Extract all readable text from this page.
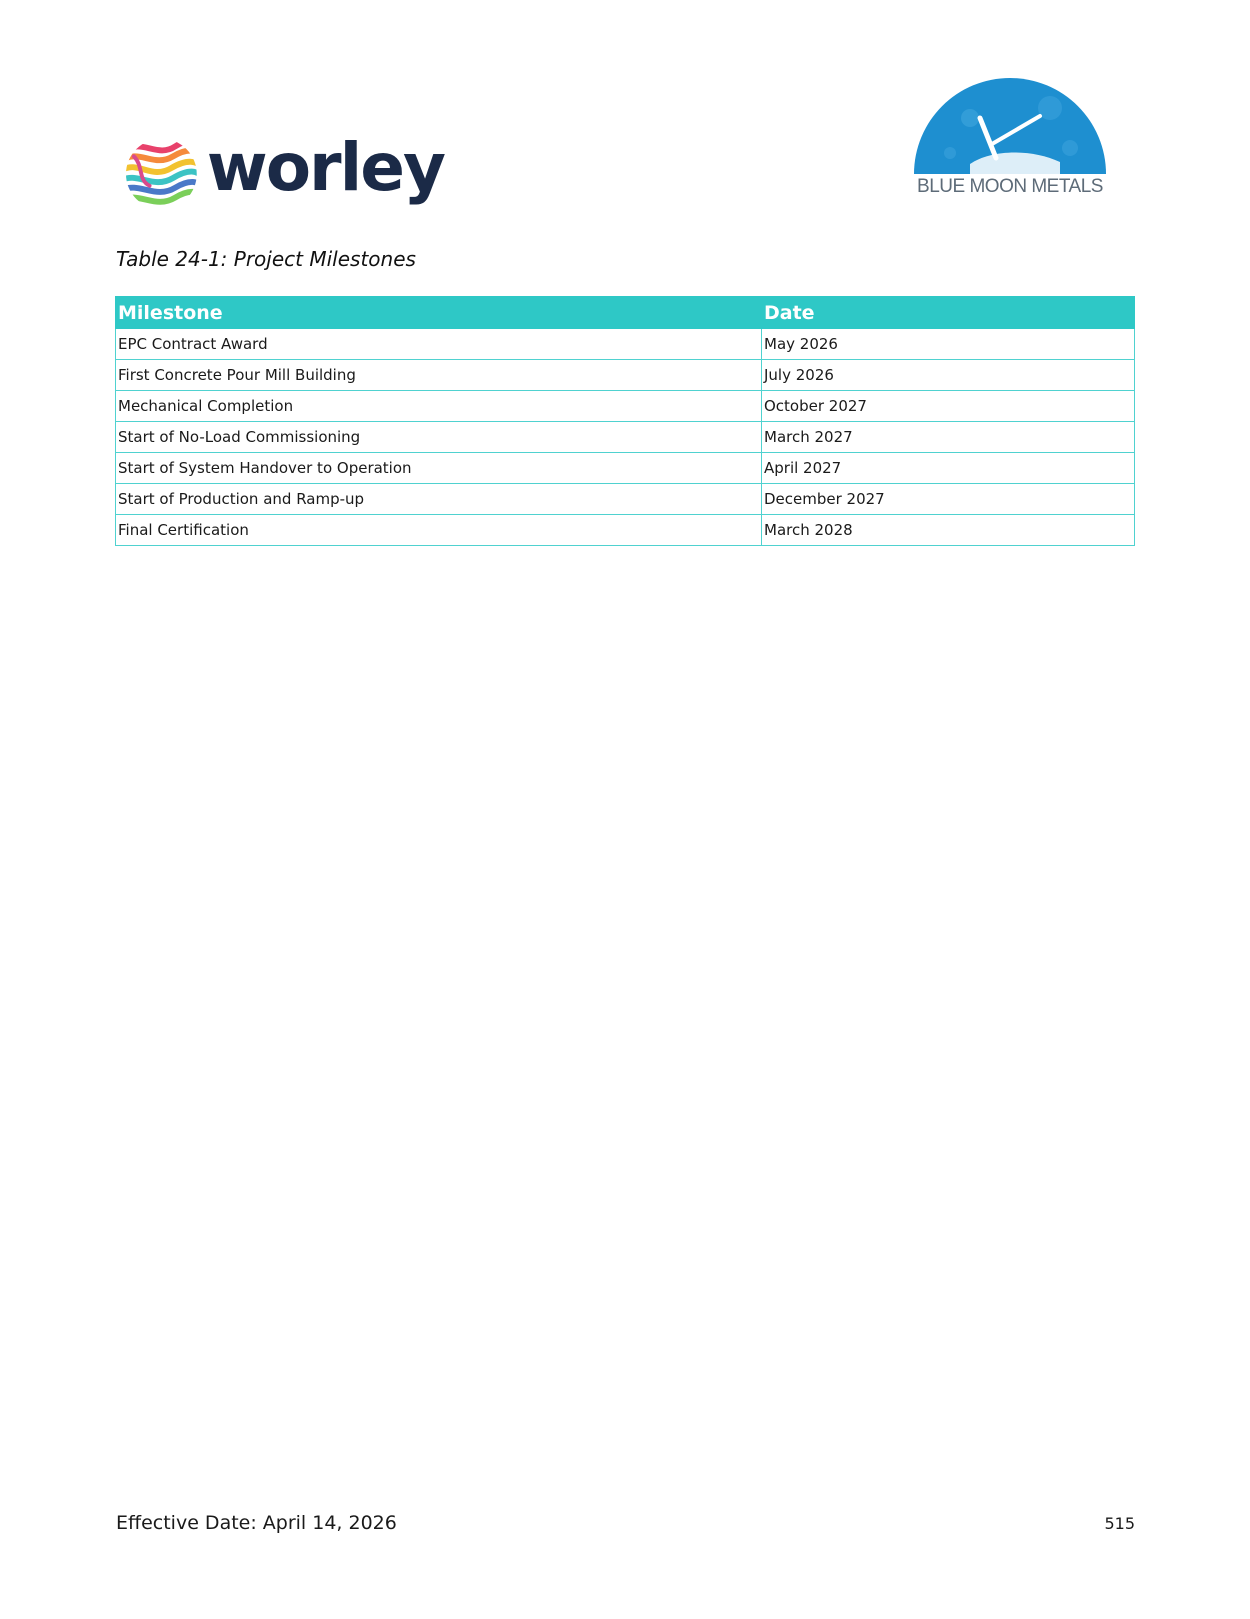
worley	BLUE MOON METALS
Table 24-1: Project Milestones
Milestone	Date
EPC Contract Award	May 2026
First Concrete Pour Mill Building	July 2026
Mechanical Completion	October 2027
Start of No-Load Commissioning	March 2027
Start of System Handover to Operation	April 2027
Start of Production and Ramp-up	December 2027
Final Certification	March 2028
Effective Date: April 14, 2026	515
